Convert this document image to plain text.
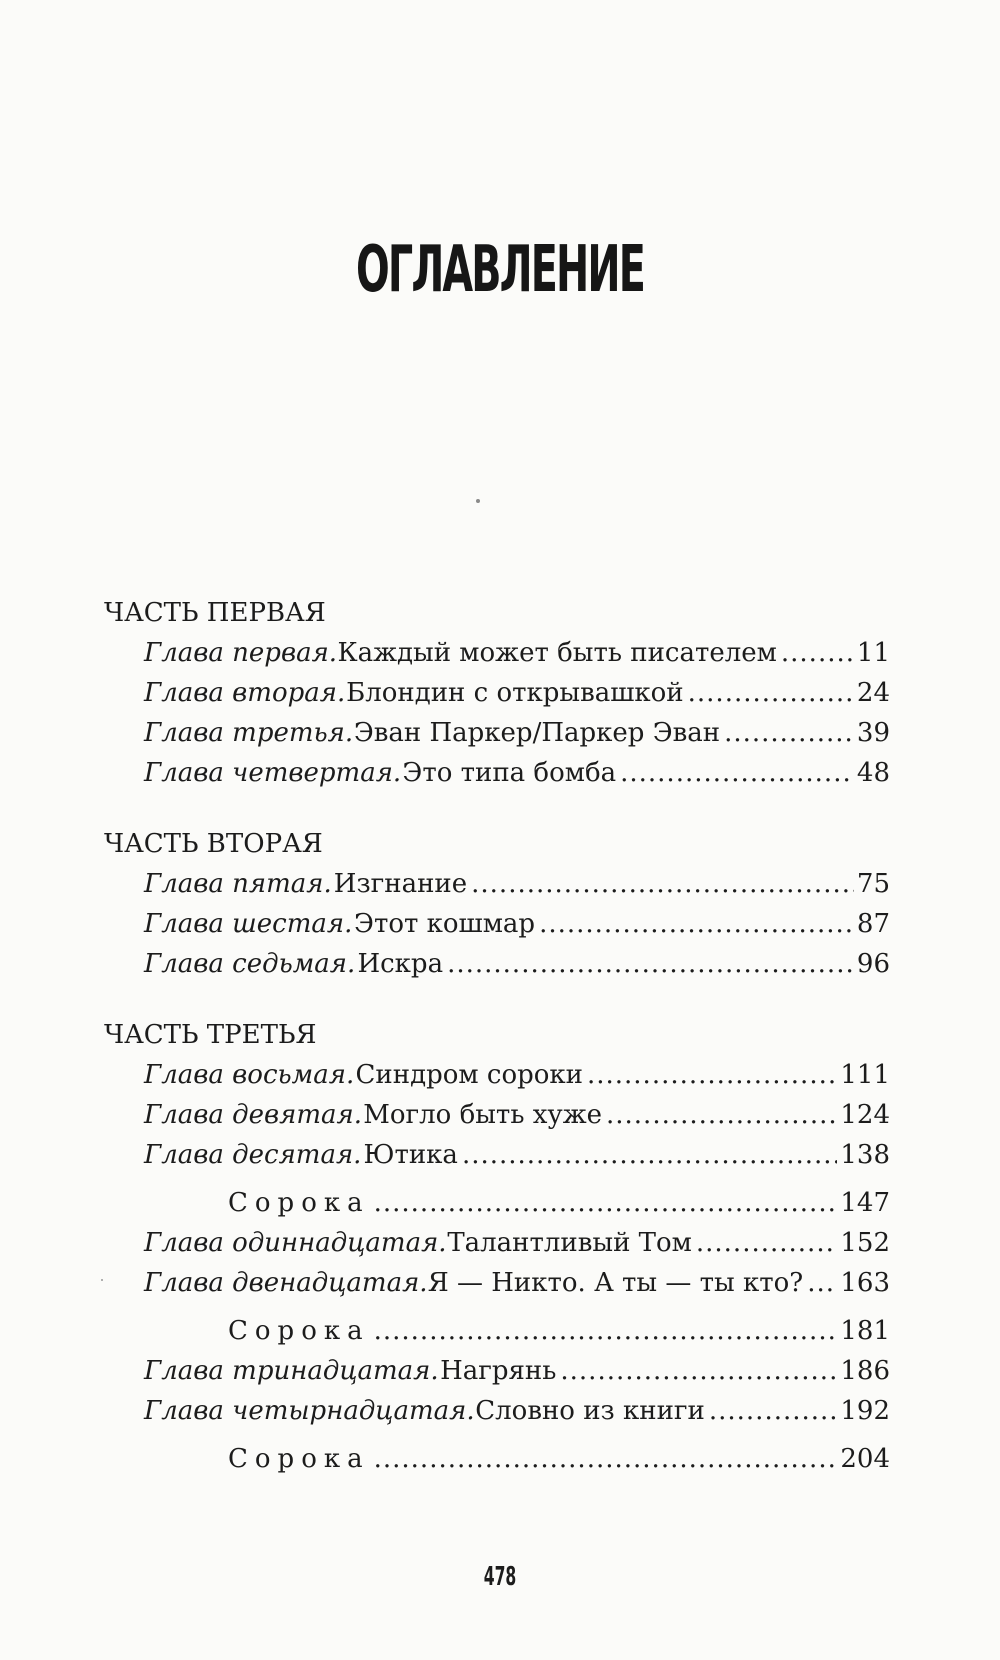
ОГЛАВЛЕНИЕ
ЧАСТЬ ПЕРВАЯ
Глава первая. Каждый может быть писателем .....	11
Глава вторая. Блондин с открывашкой .....	24
Глава третья. Эван Паркер/Паркер Эван .....	39
Глава четвертая. Это типа бомба .....	48
ЧАСТЬ ВТОРАЯ
Глава пятая. Изгнание .....	75
Глава шестая. Этот кошмар .....	87
Глава седьмая. Искра .....	96
ЧАСТЬ ТРЕТЬЯ
Глава восьмая. Синдром сороки .....	111
Глава девятая. Могло быть хуже .....	124
Глава десятая. Ютика .....	138
Сорока .....	147
Глава одиннадцатая. Талантливый Том .....	152
Глава двенадцатая. Я — Никто. А ты — ты кто? ..... 163
Сорока .....	181
Глава тринадцатая. Нагрянь .....	186
Глава четырнадцатая. Словно из книги .....	192
Сорока .....	204
478
